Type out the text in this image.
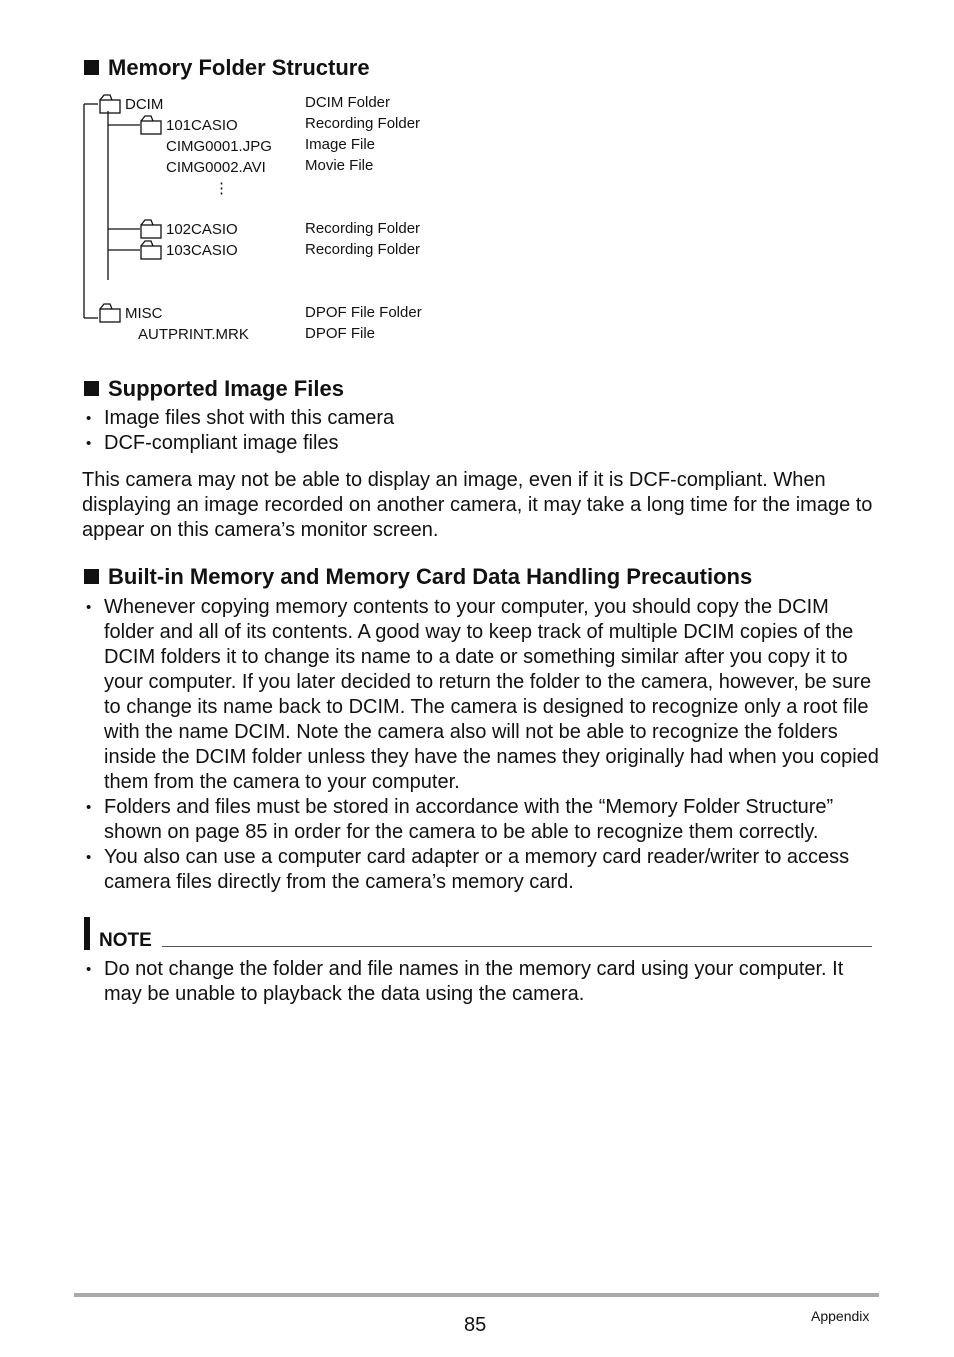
Memory Folder Structure
DCIM
101CASIO
CIMG0001.JPG
CIMG0002.AVI
⋮
102CASIO
103CASIO
MISC
AUTPRINT.MRK
DCIM Folder
Recording Folder
Image File
Movie File
Recording Folder
Recording Folder
DPOF File Folder
DPOF File
Supported Image Files
• Image files shot with this camera
• DCF-compliant image files

This camera may not be able to display an image, even if it is DCF-compliant. When displaying an image recorded on another camera, it may take a long time for the image to appear on this camera’s monitor screen.

Built-in Memory and Memory Card Data Handling Precautions
• Whenever copying memory contents to your computer, you should copy the DCIM folder and all of its contents. A good way to keep track of multiple DCIM copies of the DCIM folders it to change its name to a date or something similar after you copy it to your computer. If you later decided to return the folder to the camera, however, be sure to change its name back to DCIM. The camera is designed to recognize only a root file with the name DCIM. Note the camera also will not be able to recognize the folders inside the DCIM folder unless they have the names they originally had when you copied them from the camera to your computer.
• Folders and files must be stored in accordance with the “Memory Folder Structure” shown on page 85 in order for the camera to be able to recognize them correctly.
• You also can use a computer card adapter or a memory card reader/writer to access camera files directly from the camera’s memory card.
NOTE
• Do not change the folder and file names in the memory card using your computer. It may be unable to playback the data using the camera.
85	Appendix
